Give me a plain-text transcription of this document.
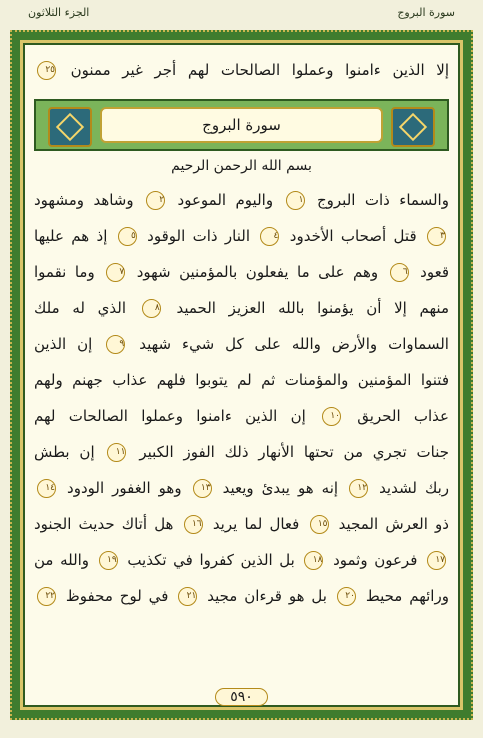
الجزء الثلاثون	سورة البروج
إلا الذين ءامنوا وعملوا الصالحات لهم أجر غير ممنون ٢٥
سورة البروج
بسم الله الرحمن الرحيم
والسماء ذات البروج ١ واليوم الموعود ٢ وشاهد ومشهود
٣ قتل أصحاب الأخدود ٤ النار ذات الوقود ٥ إذ هم عليها
قعود ٦ وهم على ما يفعلون بالمؤمنين شهود ٧ وما نقموا
منهم إلا أن يؤمنوا بالله العزيز الحميد ٨ الذي له ملك
السماوات والأرض والله على كل شيء شهيد ٩ إن الذين
فتنوا المؤمنين والمؤمنات ثم لم يتوبوا فلهم عذاب جهنم ولهم
عذاب الحريق ١٠ إن الذين ءامنوا وعملوا الصالحات لهم
جنات تجري من تحتها الأنهار ذلك الفوز الكبير ١١ إن بطش
ربك لشديد ١٢ إنه هو يبدئ ويعيد ١٣ وهو الغفور الودود ١٤
ذو العرش المجيد ١٥ فعال لما يريد ١٦ هل أتاك حديث الجنود
١٧ فرعون وثمود ١٨ بل الذين كفروا في تكذيب ١٩ والله من
ورائهم محيط ٢٠ بل هو قرءان مجيد ٢١ في لوح محفوظ ٢٢
٥٩٠
